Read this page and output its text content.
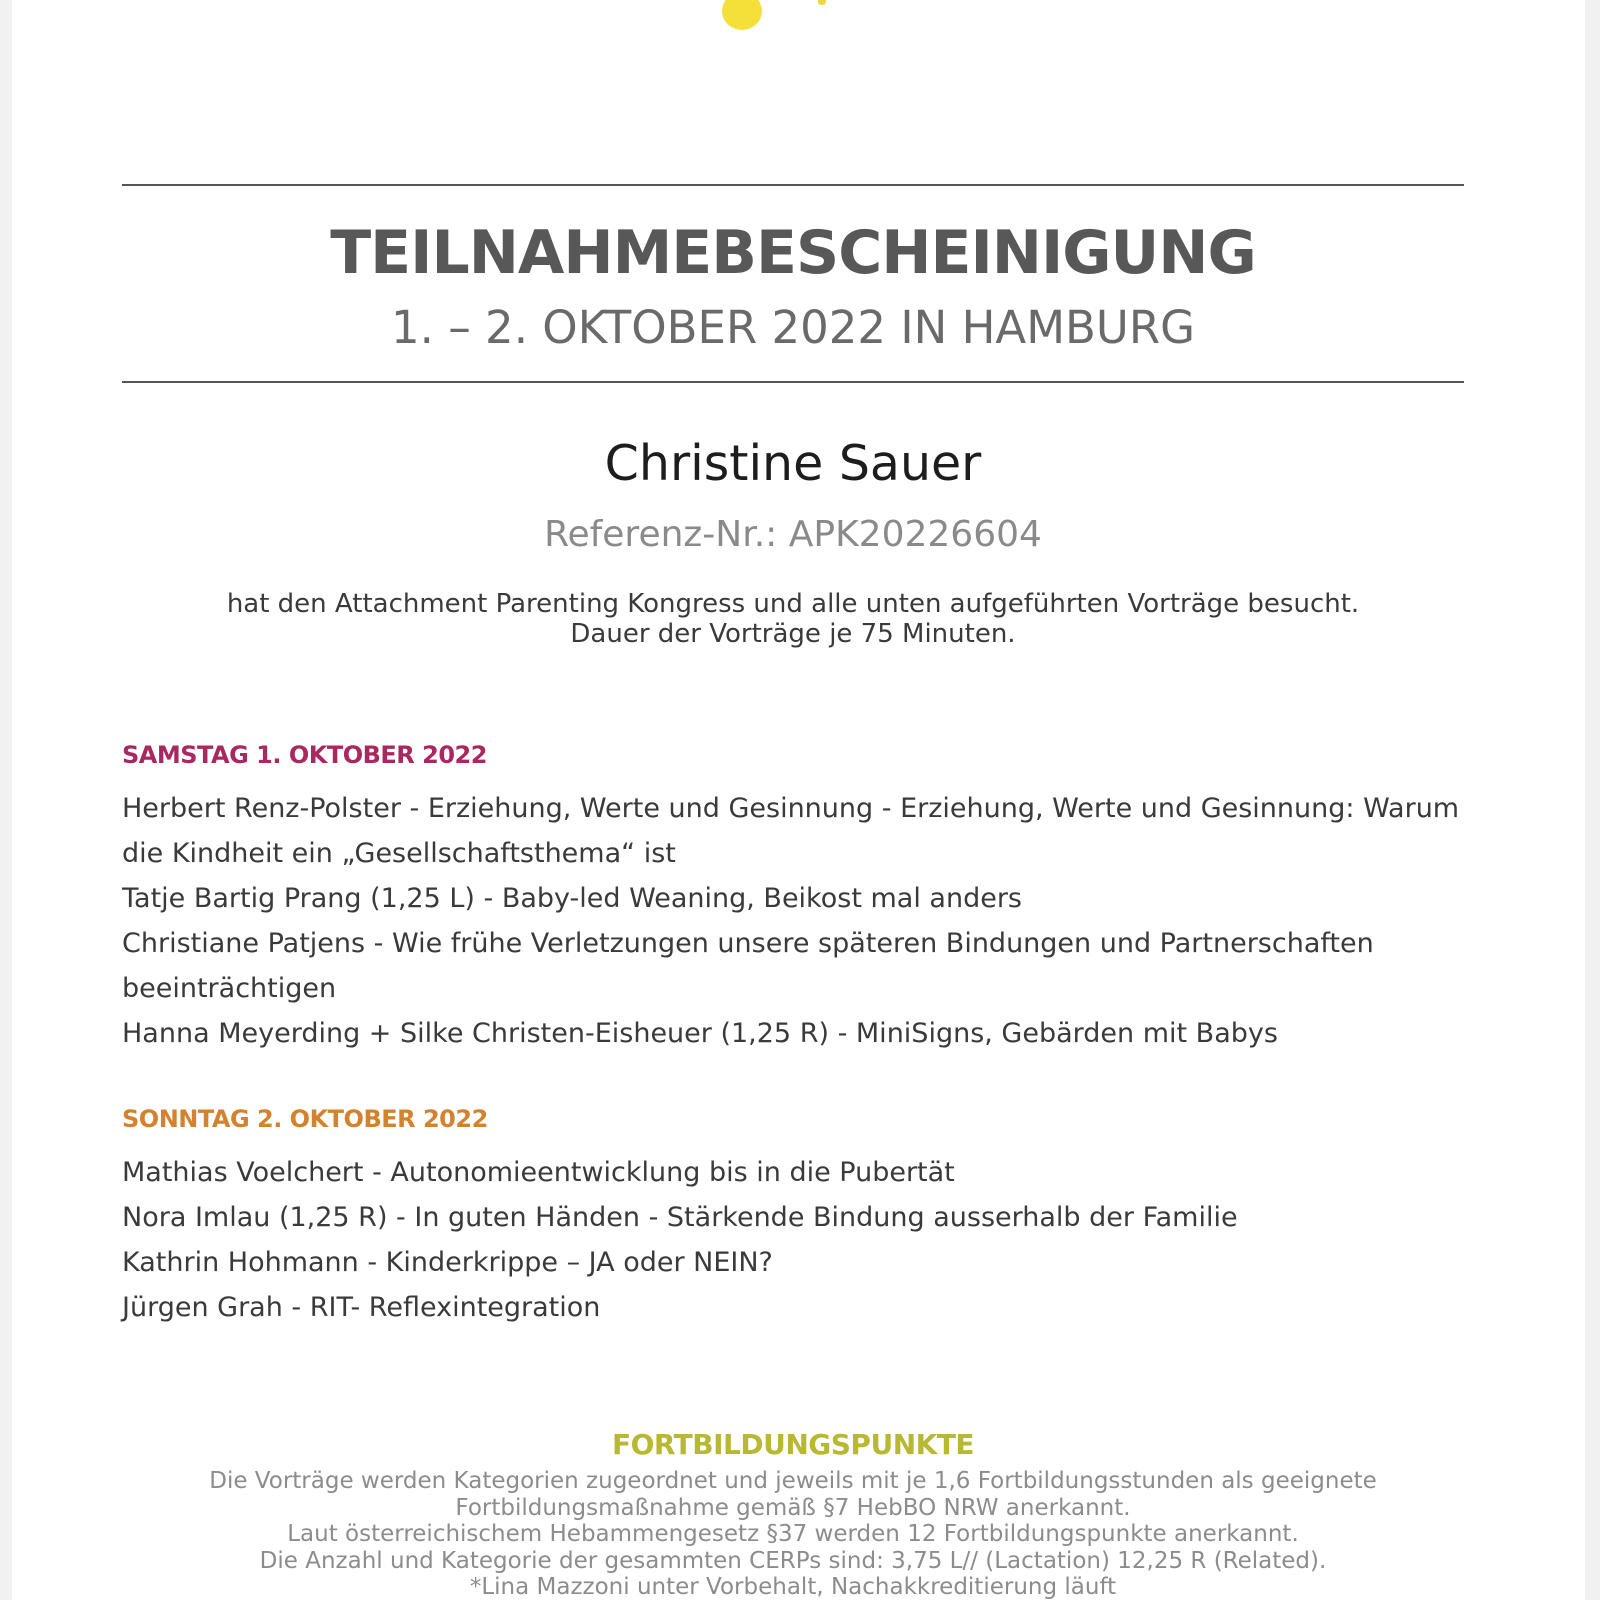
TEILNAHMEBESCHEINIGUNG
1. – 2. OKTOBER 2022 IN HAMBURG
Christine Sauer
Referenz-Nr.: APK20226604
hat den Attachment Parenting Kongress und alle unten aufgeführten Vorträge besucht.
Dauer der Vorträge je 75 Minuten.
SAMSTAG 1. OKTOBER 2022
Herbert Renz-Polster - Erziehung, Werte und Gesinnung - Erziehung, Werte und Gesinnung: Warum die Kindheit ein „Gesellschaftsthema“ ist
Tatje Bartig Prang (1,25 L) - Baby-led Weaning, Beikost mal anders
Christiane Patjens - Wie frühe Verletzungen unsere späteren Bindungen und Partnerschaften beeinträchtigen
Hanna Meyerding + Silke Christen-Eisheuer (1,25 R) - MiniSigns, Gebärden mit Babys
SONNTAG 2. OKTOBER 2022
Mathias Voelchert - Autonomieentwicklung bis in die Pubertät
Nora Imlau (1,25 R) - In guten Händen - Stärkende Bindung ausserhalb der Familie
Kathrin Hohmann - Kinderkrippe – JA oder NEIN?
Jürgen Grah - RIT- Reflexintegration
FORTBILDUNGSPUNKTE
Die Vorträge werden Kategorien zugeordnet und jeweils mit je 1,6 Fortbildungsstunden als geeignete
Fortbildungsmaßnahme gemäß §7 HebBO NRW anerkannt.
Laut österreichischem Hebammengesetz §37 werden 12 Fortbildungspunkte anerkannt.
Die Anzahl und Kategorie der gesammten CERPs sind: 3,75 L// (Lactation) 12,25 R (Related).
*Lina Mazzoni unter Vorbehalt, Nachakkreditierung läuft
